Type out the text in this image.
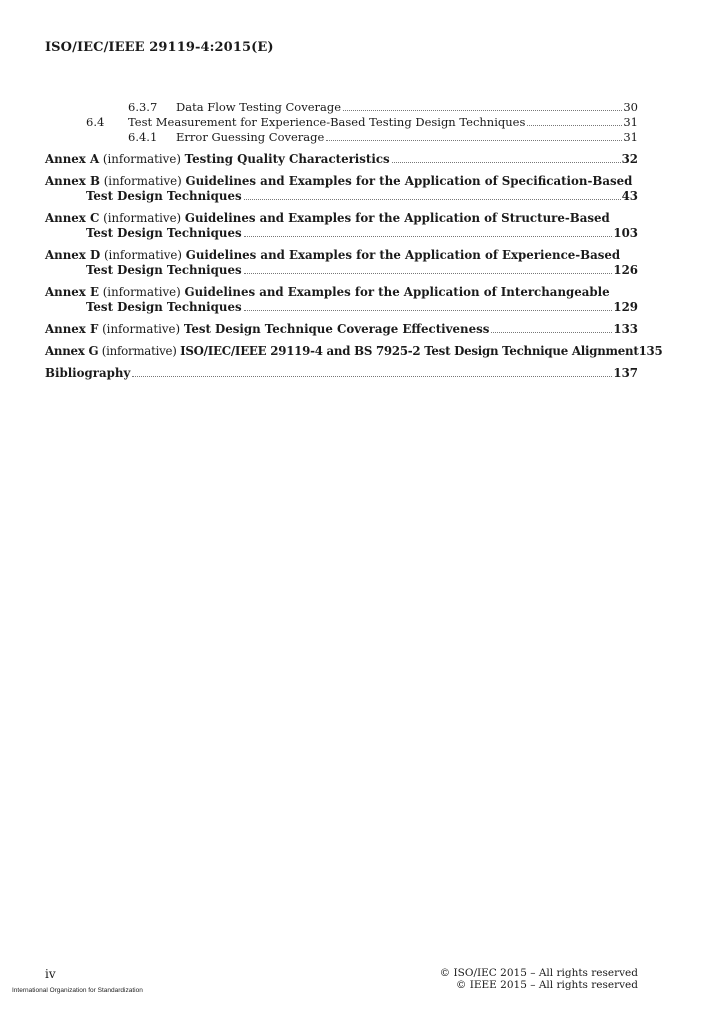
ISO/IEC/IEEE 29119-4:2015(E)
6.3.7	Data Flow Testing Coverage	30
6.4	Test Measurement for Experience-Based Testing Design Techniques	31
6.4.1	Error Guessing Coverage	31
Annex A (informative) Testing Quality Characteristics	32
Annex B (informative) Guidelines and Examples for the Application of Specification-Based
Test Design Techniques	43
Annex C (informative) Guidelines and Examples for the Application of Structure-Based
Test Design Techniques	103
Annex D (informative) Guidelines and Examples for the Application of Experience-Based
Test Design Techniques	126
Annex E (informative) Guidelines and Examples for the Application of Interchangeable
Test Design Techniques	129
Annex F (informative) Test Design Technique Coverage Effectiveness	133
Annex G (informative) ISO/IEC/IEEE 29119-4 and BS 7925-2 Test Design Technique Alignment 135
Bibliography	137
iv
International Organization for Standardization
© ISO/IEC 2015 – All rights reserved
© IEEE 2015 – All rights reserved
